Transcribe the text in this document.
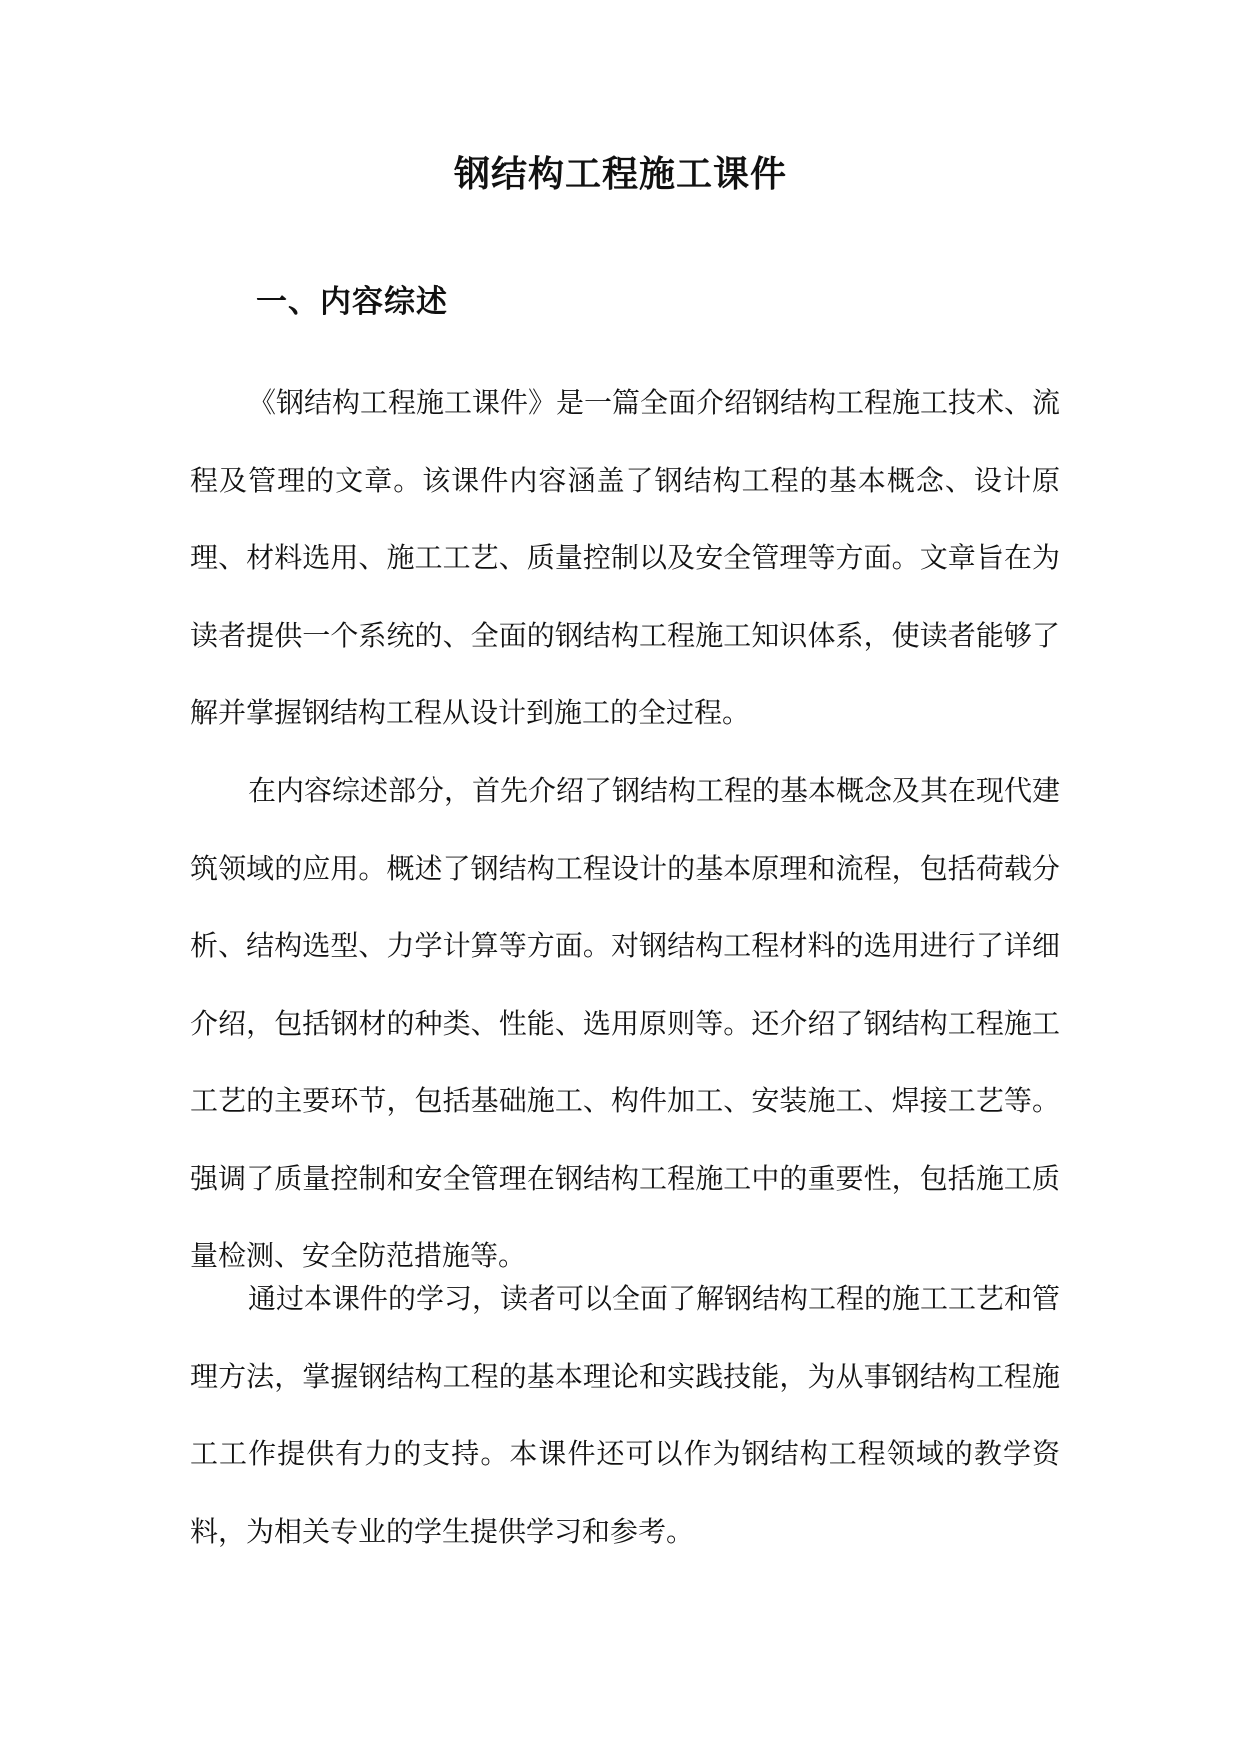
钢结构工程施工课件
一、内容综述
《钢结构工程施工课件》是一篇全面介绍钢结构工程施工技术、流程及管理的文章。该课件内容涵盖了钢结构工程的基本概念、设计原理、材料选用、施工工艺、质量控制以及安全管理等方面。文章旨在为读者提供一个系统的、全面的钢结构工程施工知识体系，使读者能够了解并掌握钢结构工程从设计到施工的全过程。
在内容综述部分，首先介绍了钢结构工程的基本概念及其在现代建筑领域的应用。概述了钢结构工程设计的基本原理和流程，包括荷载分析、结构选型、力学计算等方面。对钢结构工程材料的选用进行了详细介绍，包括钢材的种类、性能、选用原则等。还介绍了钢结构工程施工工艺的主要环节，包括基础施工、构件加工、安装施工、焊接工艺等。强调了质量控制和安全管理在钢结构工程施工中的重要性，包括施工质量检测、安全防范措施等。
通过本课件的学习，读者可以全面了解钢结构工程的施工工艺和管理方法，掌握钢结构工程的基本理论和实践技能，为从事钢结构工程施工工作提供有力的支持。本课件还可以作为钢结构工程领域的教学资料，为相关专业的学生提供学习和参考。
